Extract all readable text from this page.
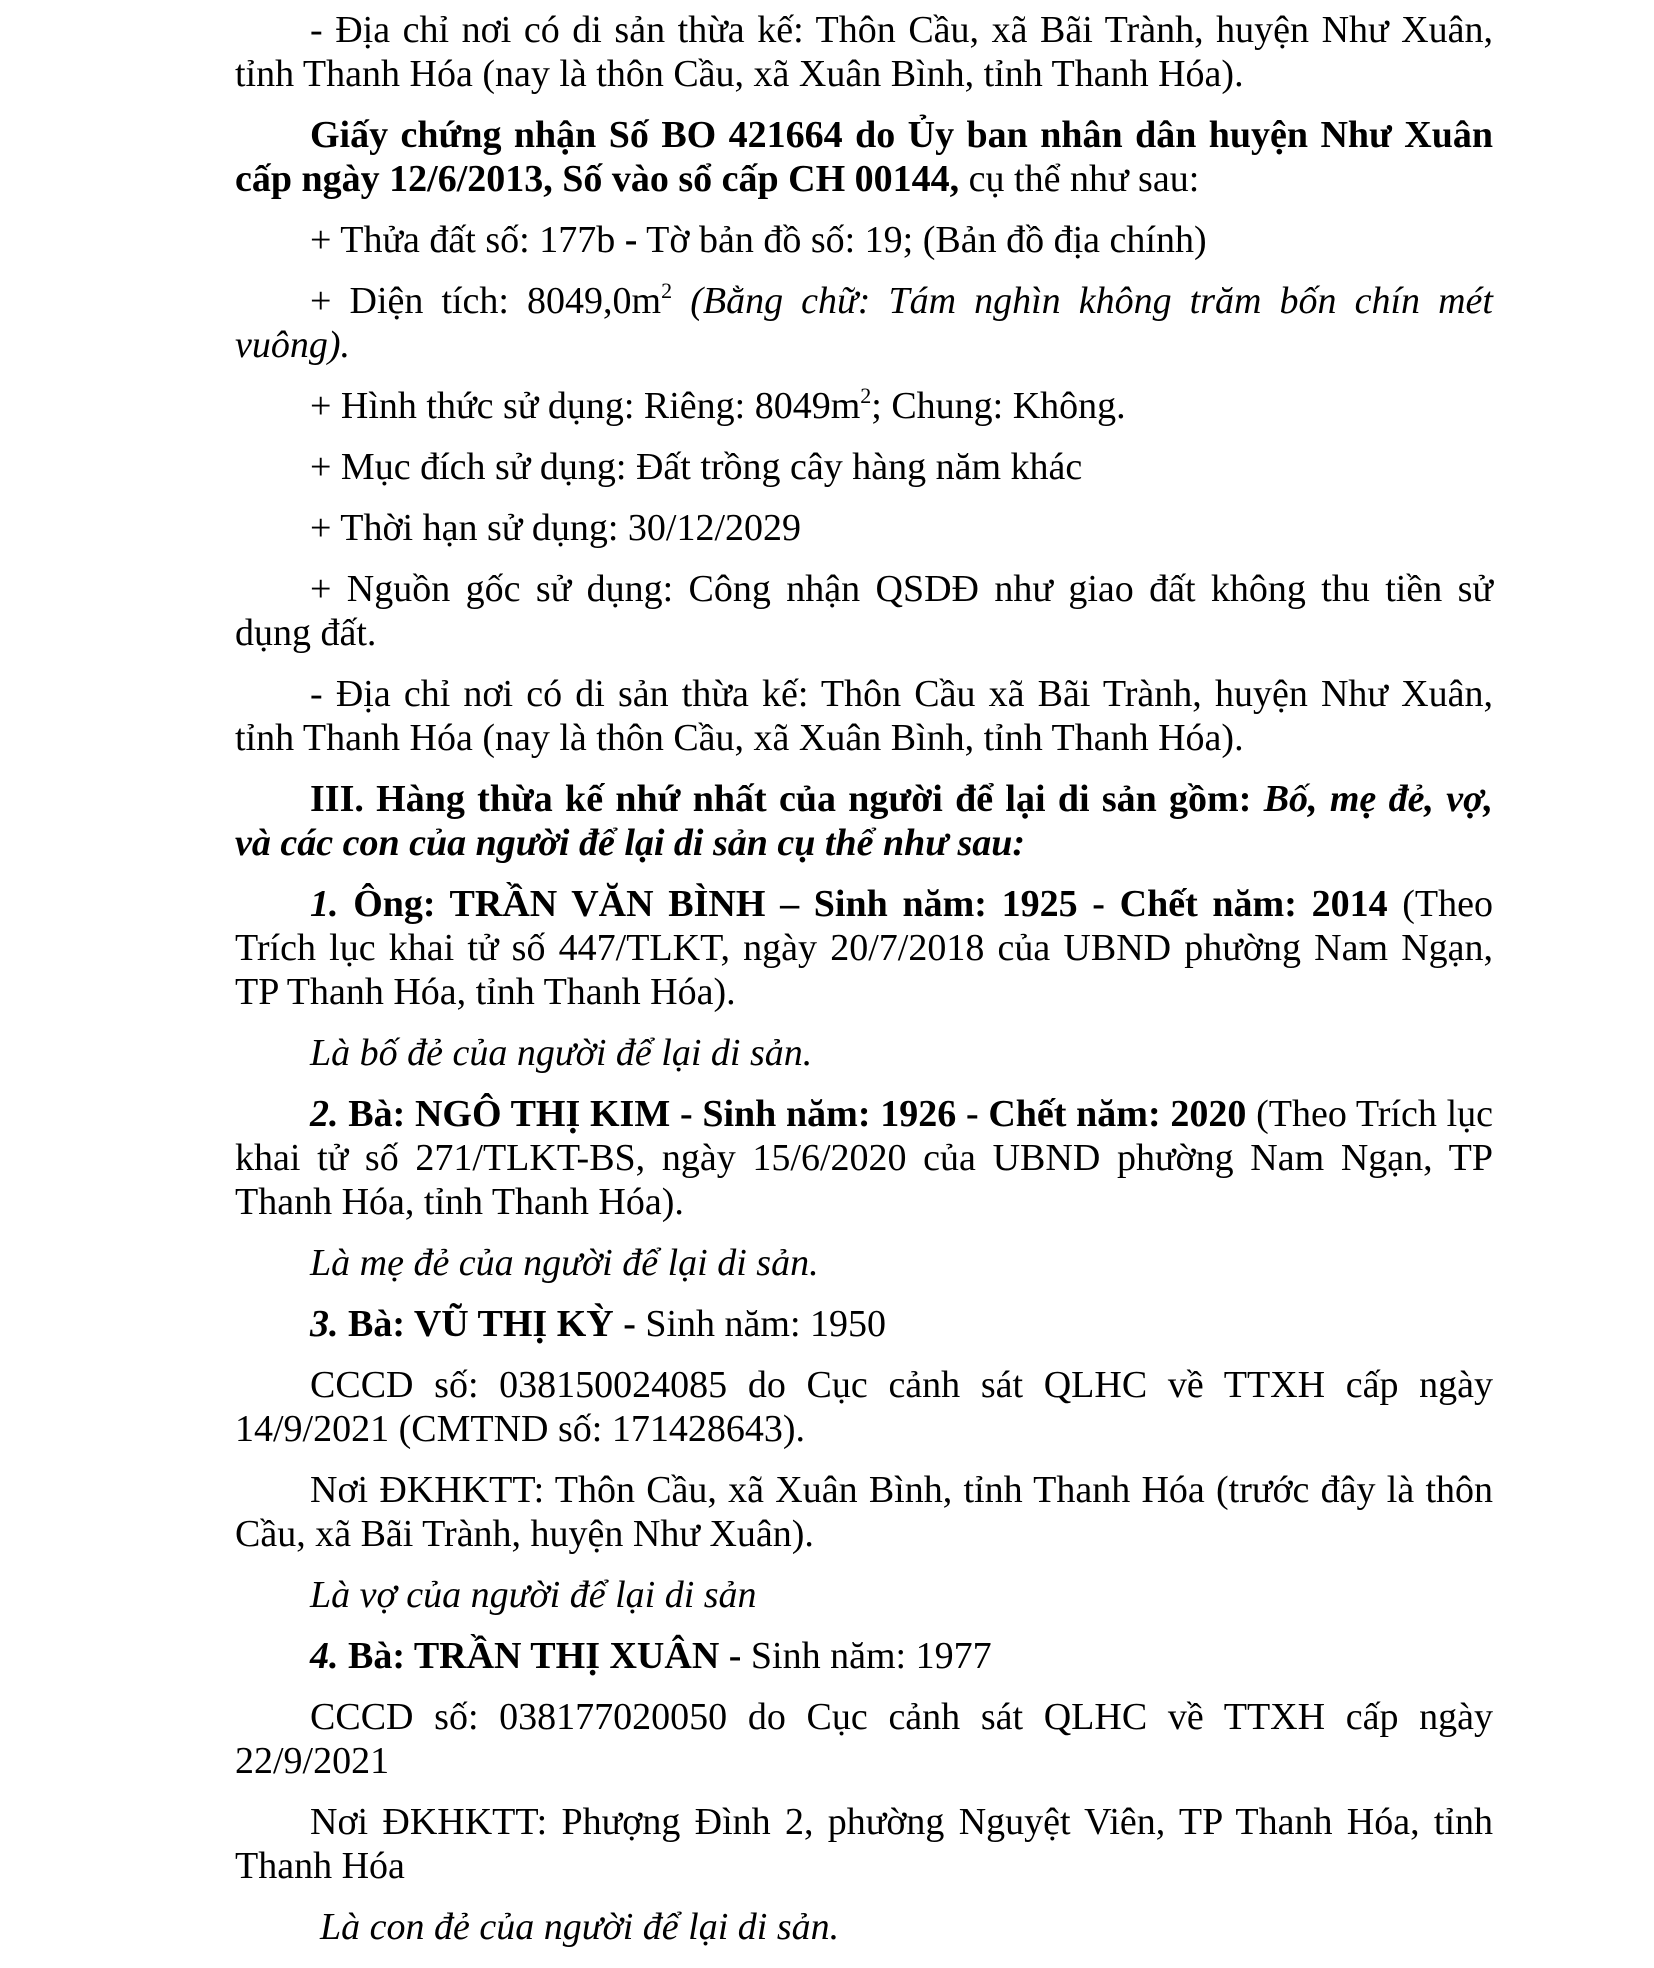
- Địa chỉ nơi có di sản thừa kế: Thôn Cầu, xã Bãi Trành, huyện Như Xuân, tỉnh Thanh Hóa (nay là thôn Cầu, xã Xuân Bình, tỉnh Thanh Hóa).

Giấy chứng nhận Số BO 421664 do Ủy ban nhân dân huyện Như Xuân cấp ngày 12/6/2013, Số vào sổ cấp CH 00144, cụ thể như sau:

+ Thửa đất số: 177b - Tờ bản đồ số: 19; (Bản đồ địa chính)

+ Diện tích: $8049,0m^2$ (Bằng chữ: Tám nghìn không trăm bốn chín mét vuông).

+ Hình thức sử dụng: Riêng: $8049m^2$; Chung: Không.

+ Mục đích sử dụng: Đất trồng cây hàng năm khác

+ Thời hạn sử dụng: 30/12/2029

+ Nguồn gốc sử dụng: Công nhận QSDĐ như giao đất không thu tiền sử dụng đất.

- Địa chỉ nơi có di sản thừa kế: Thôn Cầu xã Bãi Trành, huyện Như Xuân, tỉnh Thanh Hóa (nay là thôn Cầu, xã Xuân Bình, tỉnh Thanh Hóa).

III. Hàng thừa kế nhứ nhất của người để lại di sản gồm: Bố, mẹ đẻ, vợ, và các con của người để lại di sản cụ thể như sau:

1. Ông: TRẦN VĂN BÌNH – Sinh năm: 1925 - Chết năm: 2014 (Theo Trích lục khai tử số 447/TLKT, ngày 20/7/2018 của UBND phường Nam Ngạn, TP Thanh Hóa, tỉnh Thanh Hóa).

Là bố đẻ của người để lại di sản.

2. Bà: NGÔ THỊ KIM - Sinh năm: 1926 - Chết năm: 2020 (Theo Trích lục khai tử số 271/TLKT-BS, ngày 15/6/2020 của UBND phường Nam Ngạn, TP Thanh Hóa, tỉnh Thanh Hóa).

Là mẹ đẻ của người để lại di sản.

3. Bà: VŨ THỊ KỲ - Sinh năm: 1950

CCCD số: 038150024085 do Cục cảnh sát QLHC về TTXH cấp ngày 14/9/2021 (CMTND số: 171428643).

Nơi ĐKHKTT: Thôn Cầu, xã Xuân Bình, tỉnh Thanh Hóa (trước đây là thôn Cầu, xã Bãi Trành, huyện Như Xuân).

Là vợ của người để lại di sản

4. Bà: TRẦN THỊ XUÂN - Sinh năm: 1977

CCCD số: 038177020050 do Cục cảnh sát QLHC về TTXH cấp ngày 22/9/2021

Nơi ĐKHKTT: Phượng Đình 2, phường Nguyệt Viên, TP Thanh Hóa, tỉnh Thanh Hóa

Là con đẻ của người để lại di sản.
